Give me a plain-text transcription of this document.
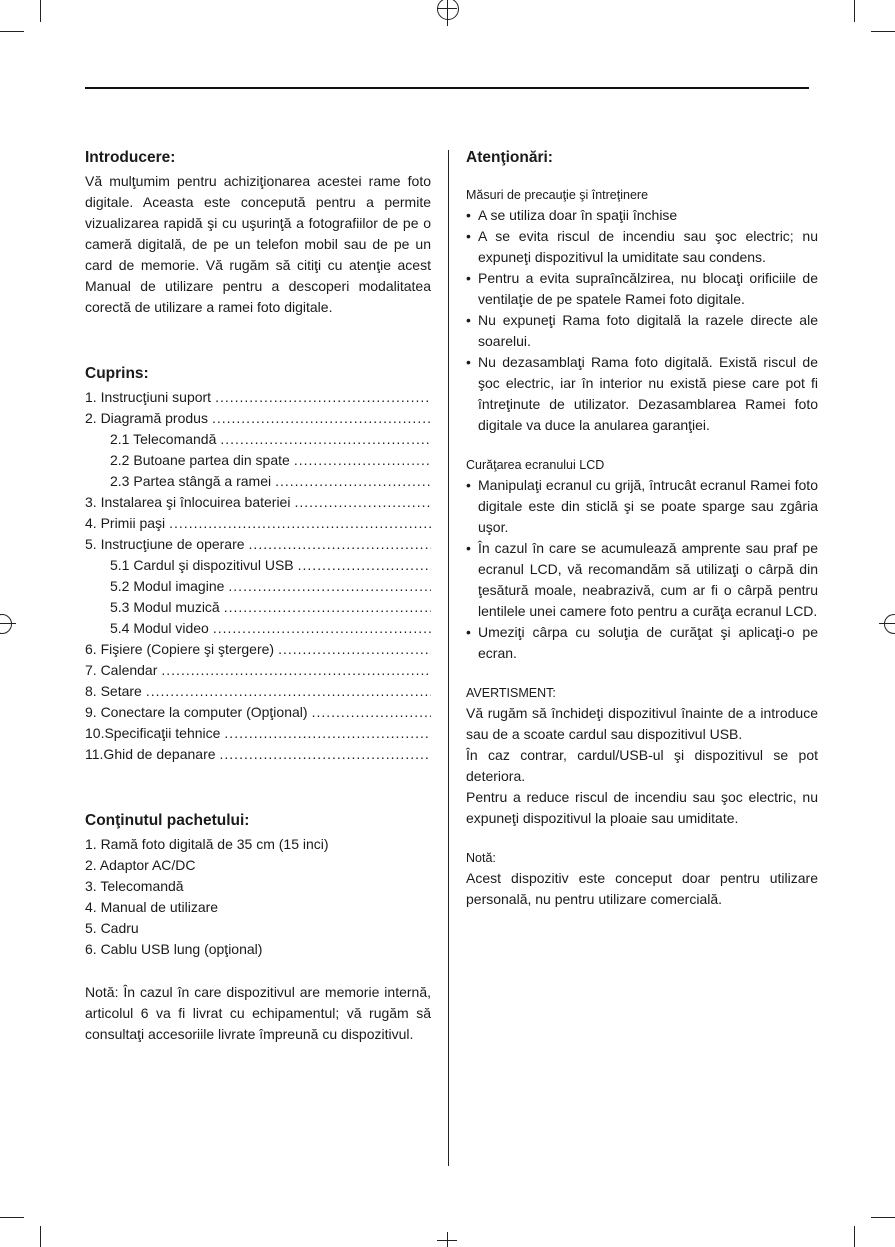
Introducere:

Vă mulţumim pentru achiziţionarea acestei rame foto digitale. Aceasta este concepută pentru a permite vizualizarea rapidă şi cu uşurinţă a fotografiilor de pe o cameră digitală, de pe un telefon mobil sau de pe un card de memorie. Vă rugăm să citiţi cu atenţie acest Manual de utilizare pentru a descoperi modalitatea corectă de utilizare a ramei foto digitale.

Cuprins:
1. Instrucţiuni suport
.....
2. Diagramă produs
.....
2.1 Telecomandă
.....
2.2 Butoane partea din spate
.....
2.3 Partea stângă a ramei
.....
3. Instalarea şi înlocuirea bateriei
.....
4. Primii paşi
.....
5. Instrucţiune de operare
.....
5.1 Cardul şi dispozitivul USB
.....
5.2 Modul imagine
.....
5.3 Modul muzică
.....
5.4 Modul video
.....
6. Fişiere (Copiere şi ştergere)
.....
7. Calendar
.....
8. Setare
.....
9. Conectare la computer (Opţional)
.....
10.Specificaţii tehnice
.....
11.Ghid de depanare
.....
Conţinutul pachetului:
1. Ramă foto digitală de 35 cm (15 inci)
2. Adaptor AC/DC
3. Telecomandă
4. Manual de utilizare
5. Cadru
6. Cablu USB lung (opţional)

Notă: În cazul în care dispozitivul are memorie internă, articolul 6 va fi livrat cu echipamentul; vă rugăm să consultaţi accesoriile livrate împreună cu dispozitivul.

Atenţionări:
Măsuri de precauţie şi întreţinere
• A se utiliza doar în spaţii închise
• A se evita riscul de incendiu sau şoc electric; nu expuneţi dispozitivul la umiditate sau condens.
• Pentru a evita supraîncălzirea, nu blocaţi orificiile de ventilaţie de pe spatele Ramei foto digitale.
• Nu expuneţi Rama foto digitală la razele directe ale soarelui.
• Nu dezasamblaţi Rama foto digitală. Există riscul de şoc electric, iar în interior nu există piese care pot fi întreţinute de utilizator. Dezasamblarea Ramei foto digitale va duce la anularea garanţiei.
Curăţarea ecranului LCD
• Manipulaţi ecranul cu grijă, întrucât ecranul Ramei foto digitale este din sticlă şi se poate sparge sau zgâria uşor.
• În cazul în care se acumulează amprente sau praf pe ecranul LCD, vă recomandăm să utilizaţi o cârpă din ţesătură moale, neabrazivă, cum ar fi o cârpă pentru lentilele unei camere foto pentru a curăţa ecranul LCD.
• Umeziţi cârpa cu soluţia de curăţat şi aplicaţi-o pe ecran.
AVERTISMENT:

Vă rugăm să închideţi dispozitivul înainte de a introduce sau de a scoate cardul sau dispozitivul USB.

În caz contrar, cardul/USB-ul şi dispozitivul se pot deteriora.

Pentru a reduce riscul de incendiu sau şoc electric, nu expuneţi dispozitivul la ploaie sau umiditate.

Notă:

Acest dispozitiv este conceput doar pentru utilizare personală, nu pentru utilizare comercială.
